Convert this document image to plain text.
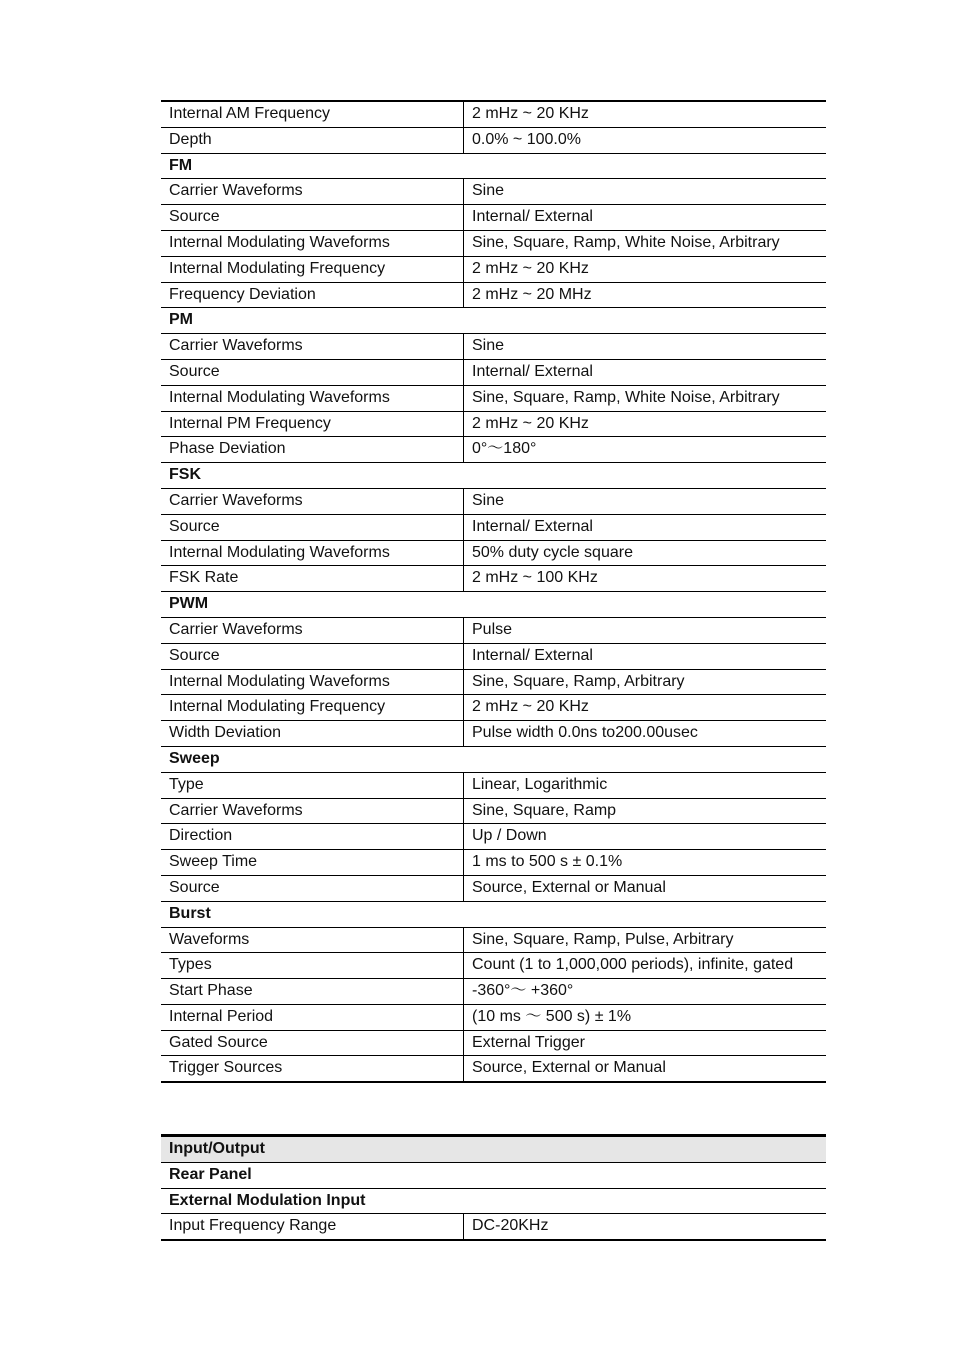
Internal AM Frequency	2 mHz ~ 20 KHz
Depth	0.0% ~ 100.0%
FM	
Carrier Waveforms	Sine
Source	Internal/ External
Internal Modulating Waveforms	Sine, Square, Ramp, White Noise, Arbitrary
Internal Modulating Frequency	2 mHz ~ 20 KHz
Frequency Deviation	2 mHz ~ 20 MHz
PM	
Carrier Waveforms	Sine
Source	Internal/ External
Internal Modulating Waveforms	Sine, Square, Ramp, White Noise, Arbitrary
Internal PM Frequency	2 mHz ~ 20 KHz
Phase Deviation	0°～180°
FSK	
Carrier Waveforms	Sine
Source	Internal/ External
Internal Modulating Waveforms	50% duty cycle square
FSK Rate	2 mHz ~ 100 KHz
PWM	
Carrier Waveforms	Pulse
Source	Internal/ External
Internal Modulating Waveforms	Sine, Square, Ramp, Arbitrary
Internal Modulating Frequency	2 mHz ~ 20 KHz
Width Deviation	Pulse width 0.0ns to200.00usec
Sweep	
Type	Linear, Logarithmic
Carrier Waveforms	Sine, Square, Ramp
Direction	Up / Down
Sweep Time	1 ms to 500 s ± 0.1%
Source	Source, External or Manual
Burst	
Waveforms	Sine, Square, Ramp, Pulse, Arbitrary
Types	Count (1 to 1,000,000 periods), infinite, gated
Start Phase	-360°～ +360°
Internal Period	(10 ms ～ 500 s) ± 1%
Gated Source	External Trigger
Trigger Sources	Source, External or Manual
Input/Output
Rear Panel
External Modulation Input
Input Frequency Range	DC-20KHz
